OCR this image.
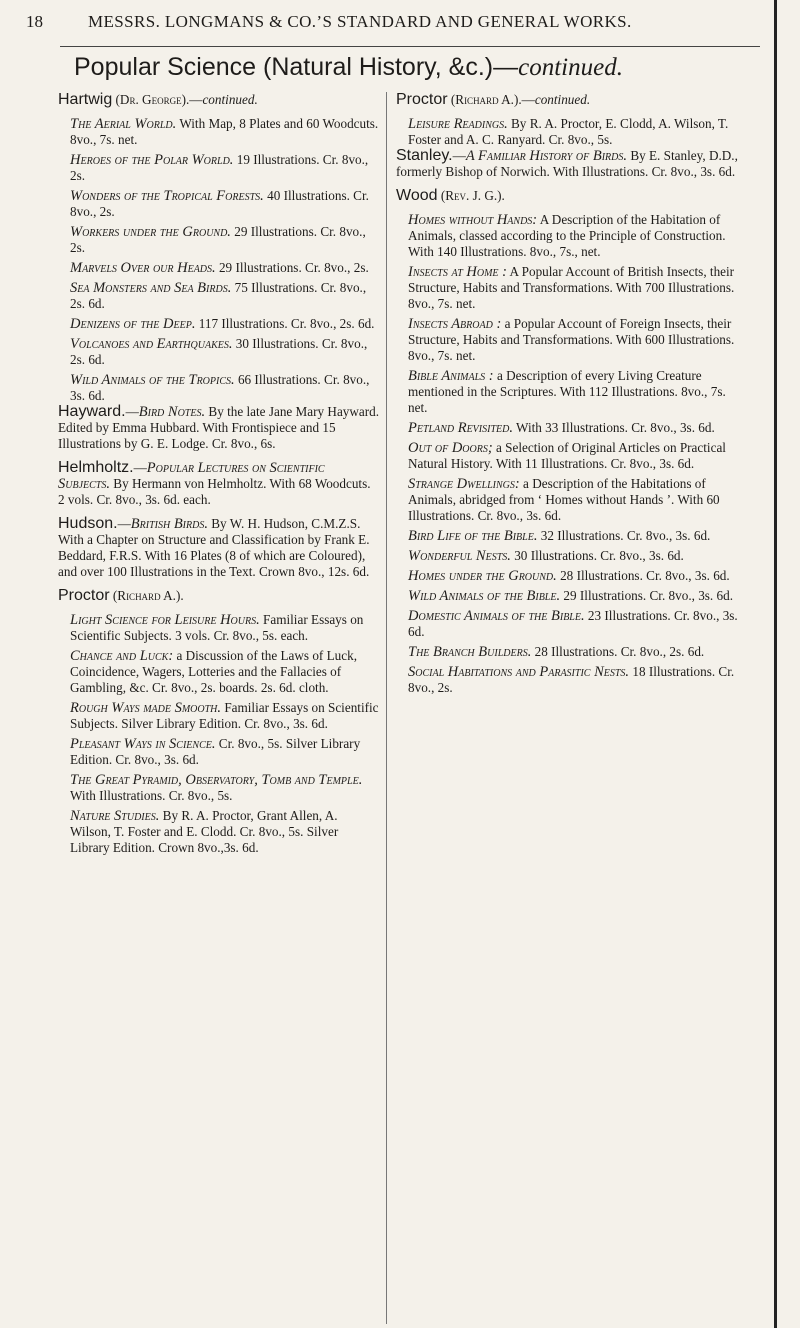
18	MESSRS. LONGMANS & CO.’S STANDARD AND GENERAL WORKS.
Popular Science (Natural History, &c.)—continued.
Hartwig (Dr. George).—continued.
The Aerial World. With Map, 8 Plates and 60 Woodcuts. 8vo., 7s. net.
Heroes of the Polar World. 19 Illustrations. Cr. 8vo., 2s.
Wonders of the Tropical Forests. 40 Illustrations. Cr. 8vo., 2s.
Workers under the Ground. 29 Illustrations. Cr. 8vo., 2s.
Marvels Over our Heads. 29 Illustrations. Cr. 8vo., 2s.
Sea Monsters and Sea Birds. 75 Illustrations. Cr. 8vo., 2s. 6d.
Denizens of the Deep. 117 Illustrations. Cr. 8vo., 2s. 6d.
Volcanoes and Earthquakes. 30 Illustrations. Cr. 8vo., 2s. 6d.
Wild Animals of the Tropics. 66 Illustrations. Cr. 8vo., 3s. 6d.
Hayward.—Bird Notes. By the late Jane Mary Hayward. Edited by Emma Hubbard. With Frontispiece and 15 Illustrations by G. E. Lodge. Cr. 8vo., 6s.
Helmholtz.—Popular Lectures on Scientific Subjects. By Hermann von Helmholtz. With 68 Woodcuts. 2 vols. Cr. 8vo., 3s. 6d. each.
Hudson.—British Birds. By W. H. Hudson, C.M.Z.S. With a Chapter on Structure and Classification by Frank E. Beddard, F.R.S. With 16 Plates (8 of which are Coloured), and over 100 Illustrations in the Text. Crown 8vo., 12s. 6d.
Proctor (Richard A.).
Light Science for Leisure Hours. Familiar Essays on Scientific Subjects. 3 vols. Cr. 8vo., 5s. each.
Chance and Luck: a Discussion of the Laws of Luck, Coincidence, Wagers, Lotteries and the Fallacies of Gambling, &c. Cr. 8vo., 2s. boards. 2s. 6d. cloth.
Rough Ways made Smooth. Familiar Essays on Scientific Subjects. Silver Library Edition. Cr. 8vo., 3s. 6d.
Pleasant Ways in Science. Cr. 8vo., 5s. Silver Library Edition. Cr. 8vo., 3s. 6d.
The Great Pyramid, Observatory, Tomb and Temple. With Illustrations. Cr. 8vo., 5s.
Nature Studies. By R. A. Proctor, Grant Allen, A. Wilson, T. Foster and E. Clodd. Cr. 8vo., 5s. Silver Library Edition. Crown 8vo.,3s. 6d.
Proctor (Richard A.).—continued.
Leisure Readings. By R. A. Proctor, E. Clodd, A. Wilson, T. Foster and A. C. Ranyard. Cr. 8vo., 5s.
Stanley.—A Familiar History of Birds. By E. Stanley, D.D., formerly Bishop of Norwich. With Illustrations. Cr. 8vo., 3s. 6d.
Wood (Rev. J. G.).
Homes without Hands: A Description of the Habitation of Animals, classed according to the Principle of Construction. With 140 Illustrations. 8vo., 7s., net.
Insects at Home : A Popular Account of British Insects, their Structure, Habits and Transformations. With 700 Illustrations. 8vo., 7s. net.
Insects Abroad : a Popular Account of Foreign Insects, their Structure, Habits and Transformations. With 600 Illustrations. 8vo., 7s. net.
Bible Animals : a Description of every Living Creature mentioned in the Scriptures. With 112 Illustrations. 8vo., 7s. net.
Petland Revisited. With 33 Illustrations. Cr. 8vo., 3s. 6d.
Out of Doors; a Selection of Original Articles on Practical Natural History. With 11 Illustrations. Cr. 8vo., 3s. 6d.
Strange Dwellings: a Description of the Habitations of Animals, abridged from ‘ Homes without Hands ’. With 60 Illustrations. Cr. 8vo., 3s. 6d.
Bird Life of the Bible. 32 Illustrations. Cr. 8vo., 3s. 6d.
Wonderful Nests. 30 Illustrations. Cr. 8vo., 3s. 6d.
Homes under the Ground. 28 Illustrations. Cr. 8vo., 3s. 6d.
Wild Animals of the Bible. 29 Illustrations. Cr. 8vo., 3s. 6d.
Domestic Animals of the Bible. 23 Illustrations. Cr. 8vo., 3s. 6d.
The Branch Builders. 28 Illustrations. Cr. 8vo., 2s. 6d.
Social Habitations and Parasitic Nests. 18 Illustrations. Cr. 8vo., 2s.
